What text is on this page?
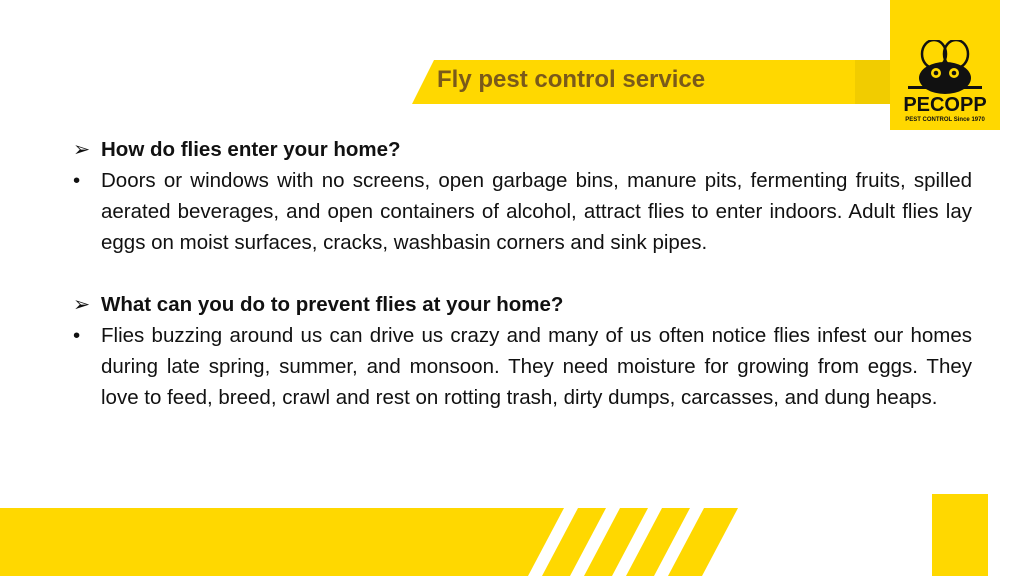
Fly pest control service
PECOPP
PEST CONTROL Since 1970
➢ How do flies enter your home?
• Doors or windows with no screens, open garbage bins, manure pits, fermenting fruits, spilled aerated beverages, and open containers of alcohol, attract flies to enter indoors. Adult flies lay eggs on moist surfaces, cracks, washbasin corners and sink pipes.
➢ What can you do to prevent flies at your home?
• Flies buzzing around us can drive us crazy and many of us often notice flies infest our homes during late spring, summer, and monsoon. They need moisture for growing from eggs. They love to feed, breed, crawl and rest on rotting trash, dirty dumps, carcasses, and dung heaps.
